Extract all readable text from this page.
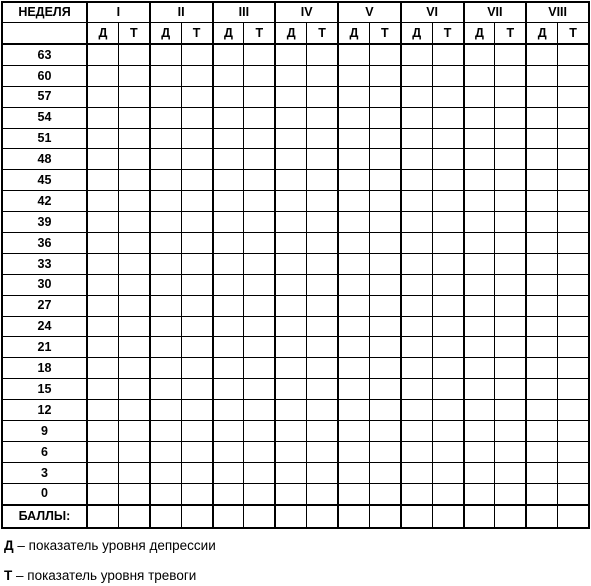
НЕДЕЛЯ	I		II		III		IV		V		VI		VII		VIII	
	Д	Т	Д	Т	Д	Т	Д	Т	Д	Т	Д	Т	Д	Т	Д	Т
63																
60																
57																
54																
51																
48																
45																
42																
39																
36																
33																
30																
27																
24																
21																
18																
15																
12																
9																
6																
3																
0																
БАЛЛЫ:																
Д – показатель уровня депрессии
Т – показатель уровня тревоги
